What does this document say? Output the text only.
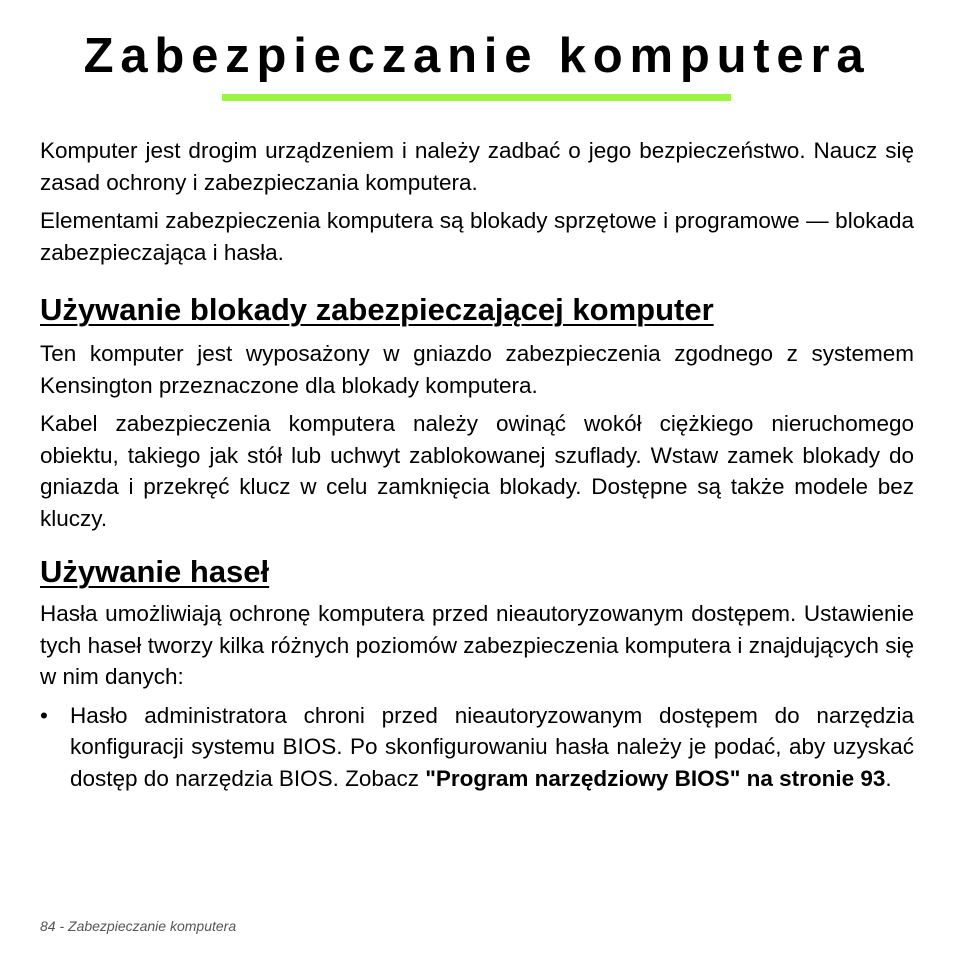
Zabezpieczanie komputera

Komputer jest drogim urządzeniem i należy zadbać o jego bezpieczeństwo. Naucz się zasad ochrony i zabezpieczania komputera.

Elementami zabezpieczenia komputera są blokady sprzętowe i programowe — blokada zabezpieczająca i hasła.

Używanie blokady zabezpieczającej komputer

Ten komputer jest wyposażony w gniazdo zabezpieczenia zgodnego z systemem Kensington przeznaczone dla blokady komputera.

Kabel zabezpieczenia komputera należy owinąć wokół ciężkiego nieruchomego obiektu, takiego jak stół lub uchwyt zablokowanej szuflady. Wstaw zamek blokady do gniazda i przekręć klucz w celu zamknięcia blokady. Dostępne są także modele bez kluczy.

Używanie haseł

Hasła umożliwiają ochronę komputera przed nieautoryzowanym dostępem. Ustawienie tych haseł tworzy kilka różnych poziomów zabezpieczenia komputera i znajdujących się w nim danych:

• Hasło administratora chroni przed nieautoryzowanym dostępem do narzędzia konfiguracji systemu BIOS. Po skonfigurowaniu hasła należy je podać, aby uzyskać dostęp do narzędzia BIOS. Zobacz "Program narzędziowy BIOS" na stronie 93.
84 - Zabezpieczanie komputera
